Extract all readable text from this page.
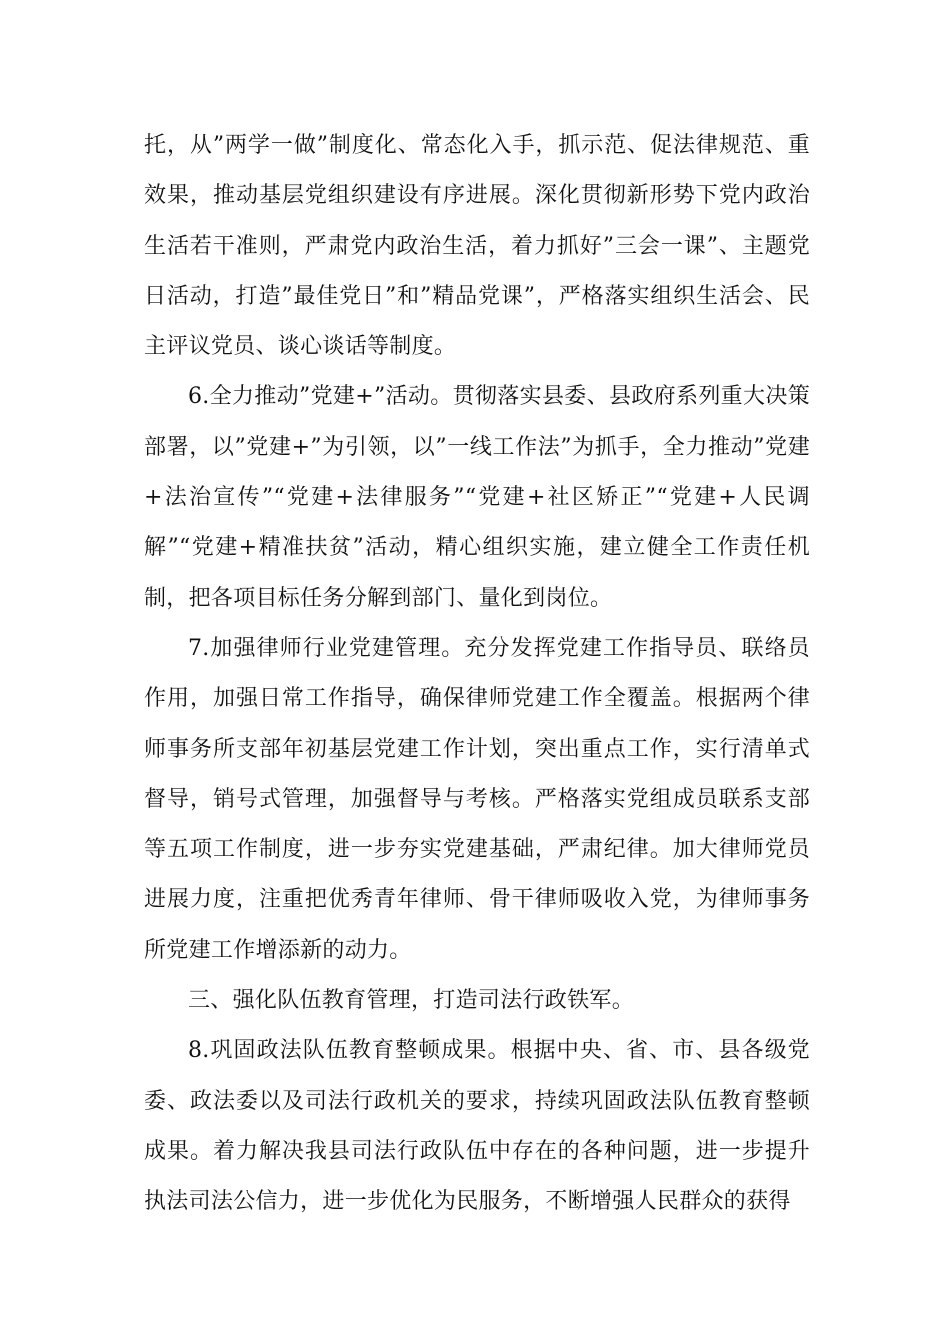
托，从”两学一做”制度化、常态化入手，抓示范、促法律规范、重效果，推动基层党组织建设有序进展。深化贯彻新形势下党内政治生活若干准则，严肃党内政治生活，着力抓好”三会一课”、主题党日活动，打造”最佳党日”和”精品党课”，严格落实组织生活会、民主评议党员、谈心谈话等制度。

6.全力推动”党建+”活动。贯彻落实县委、县政府系列重大决策部署，以”党建+”为引领，以”一线工作法”为抓手，全力推动”党建+法治宣传”“党建+法律服务”“党建+社区矫正”“党建+人民调解”“党建+精准扶贫”活动，精心组织实施，建立健全工作责任机制，把各项目标任务分解到部门、量化到岗位。

7.加强律师行业党建管理。充分发挥党建工作指导员、联络员作用，加强日常工作指导，确保律师党建工作全覆盖。根据两个律师事务所支部年初基层党建工作计划，突出重点工作，实行清单式督导，销号式管理，加强督导与考核。严格落实党组成员联系支部等五项工作制度，进一步夯实党建基础，严肃纪律。加大律师党员进展力度，注重把优秀青年律师、骨干律师吸收入党，为律师事务所党建工作增添新的动力。

三、强化队伍教育管理，打造司法行政铁军。

8.巩固政法队伍教育整顿成果。根据中央、省、市、县各级党委、政法委以及司法行政机关的要求，持续巩固政法队伍教育整顿成果。着力解决我县司法行政队伍中存在的各种问题，进一步提升执法司法公信力，进一步优化为民服务，不断增强人民群众的获得
